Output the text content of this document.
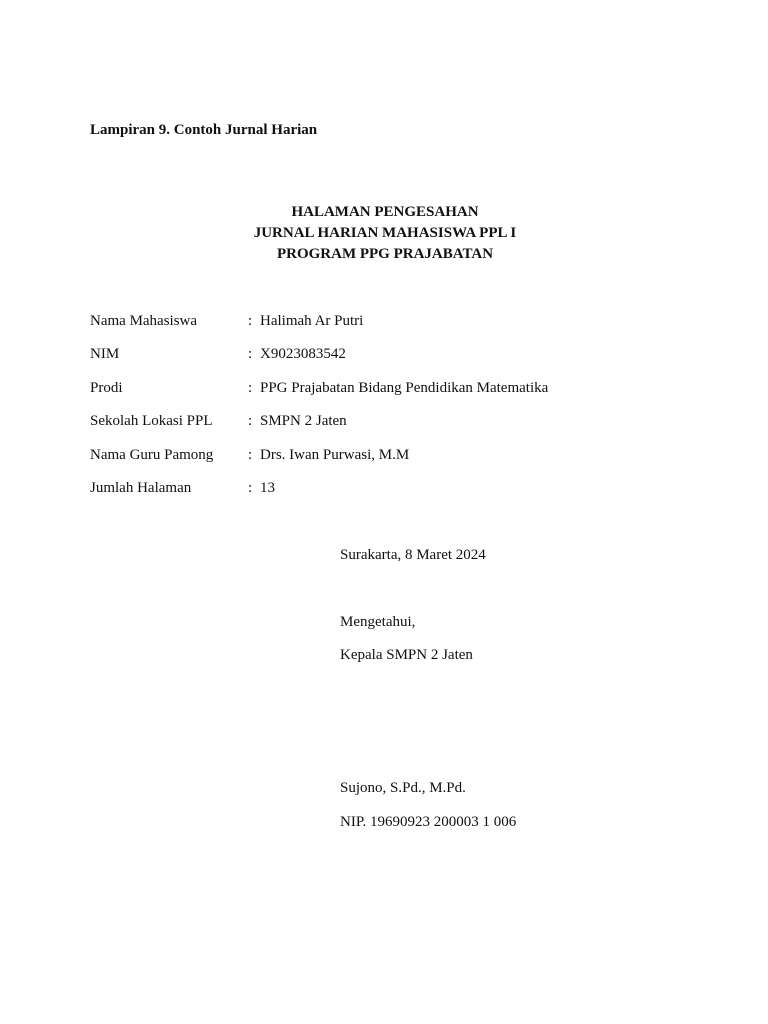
Lampiran 9. Contoh Jurnal Harian
HALAMAN PENGESAHAN
JURNAL HARIAN MAHASISWA PPL I
PROGRAM PPG PRAJABATAN
Nama Mahasiswa	: Halimah Ar Putri
NIM	: X9023083542
Prodi	: PPG Prajabatan Bidang Pendidikan Matematika
Sekolah Lokasi PPL : SMPN 2 Jaten
Nama Guru Pamong : Drs. Iwan Purwasi, M.M
Jumlah Halaman	: 13
Surakarta, 8 Maret 2024
Mengetahui,
Kepala SMPN 2 Jaten
Sujono, S.Pd., M.Pd.
NIP. 19690923 200003 1 006
